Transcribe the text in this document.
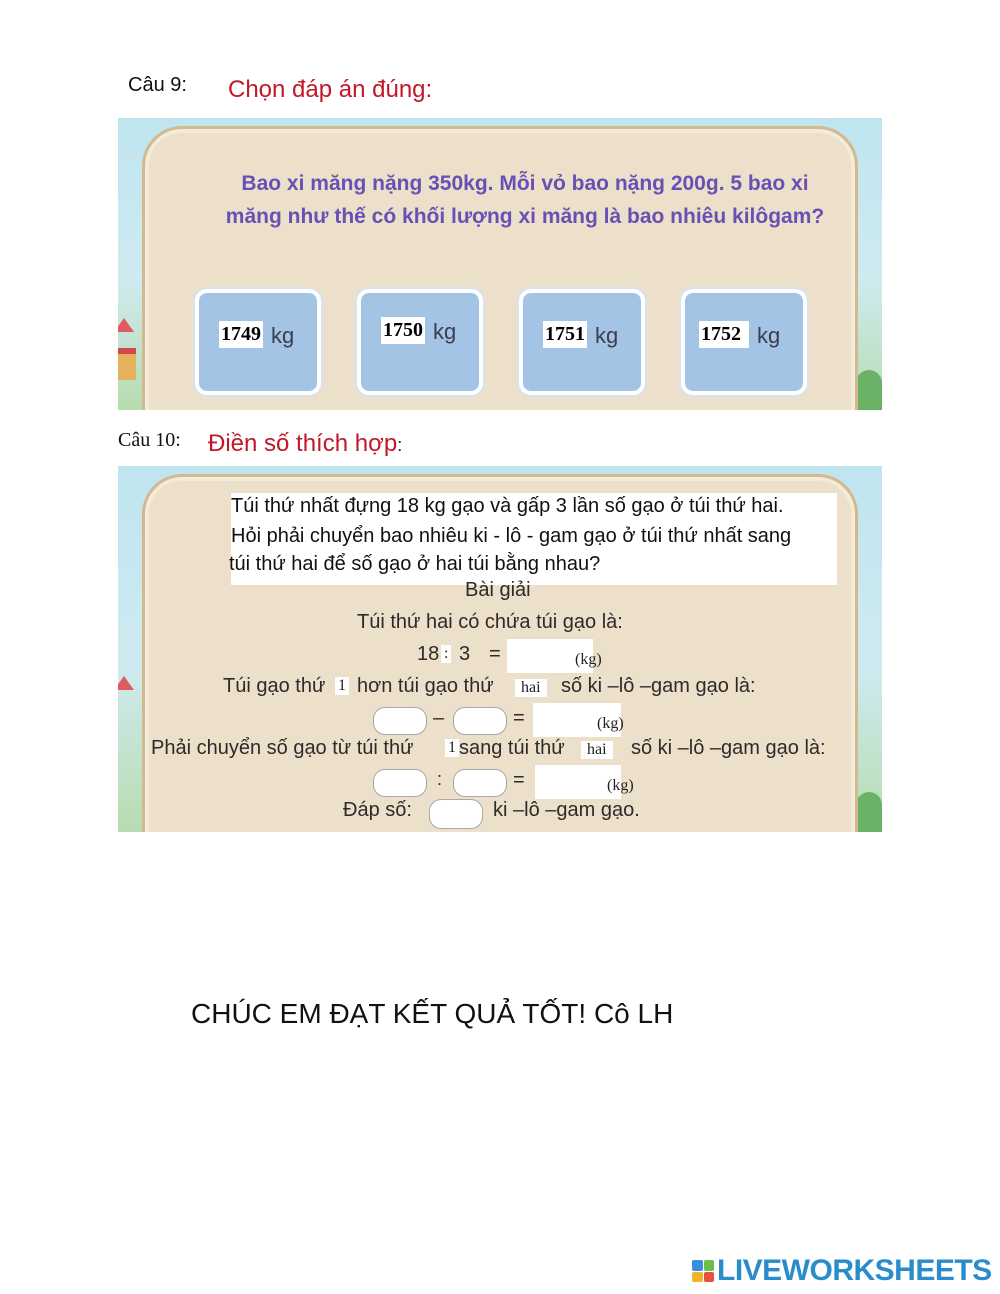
Câu 9: Chọn đáp án đúng:
Bao xi măng nặng 350kg. Mỗi vỏ bao nặng 200g. 5 bao xi
măng như thế có khối lượng xi măng là bao nhiêu kilôgam?
1749 kg	1750 kg	1751 kg	1752 kg
Câu 10: Điền số thích hợp:
Túi thứ nhất đựng 18 kg gạo và gấp 3 lần số gạo ở túi thứ hai.
Hỏi phải chuyển bao nhiêu ki - lô - gam gạo ở túi thứ nhất sang
túi thứ hai để số gạo ở hai túi bằng nhau?
Bài giải
Túi thứ hai có chứa túi gạo là:
18 : 3 =	(kg)
Túi gạo thứ 1 hơn túi gạo thứ	hai	số ki –lô –gam gạo là:
–	=	(kg)
Phải chuyển số gạo từ túi thứ 1 sang túi thứ	hai	số ki –lô –gam gạo là:
:	=	(kg)
Đáp số:	ki –lô –gam gạo.
CHÚC EM ĐẠT KẾT QUẢ TỐT! Cô LH
LIVEWORKSHEETS
